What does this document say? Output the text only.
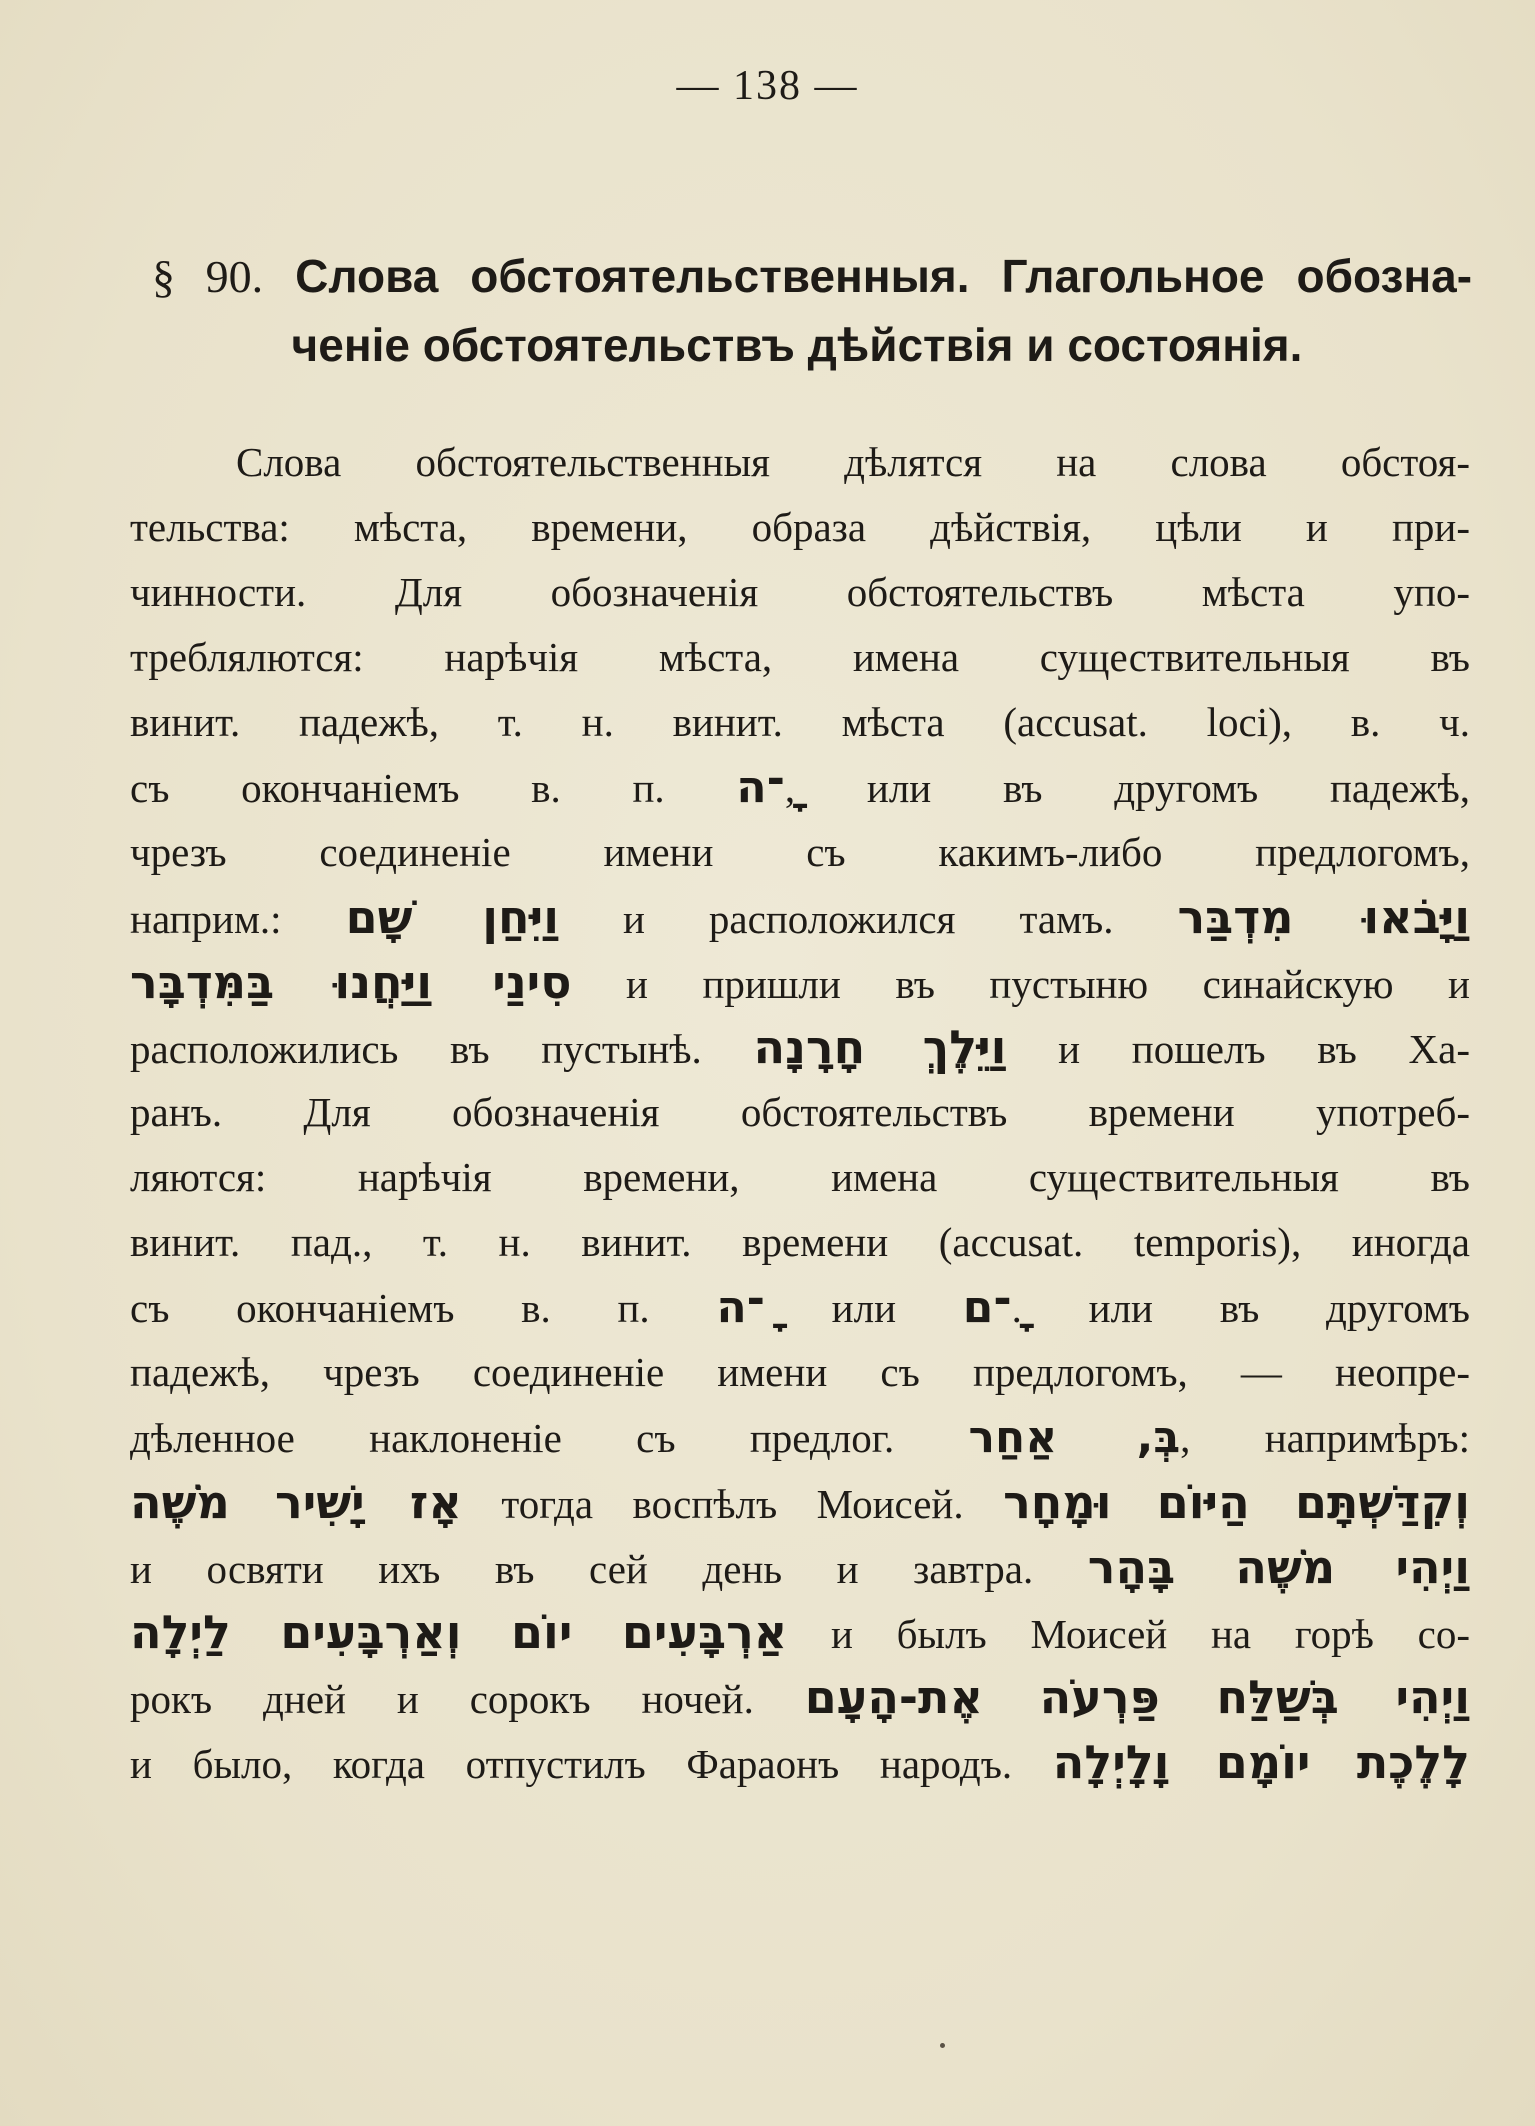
— 138 —
§ 90. Слова обстоятельственныя. Глагольное обозна-
ченіе обстоятельствъ дѣйствія и состоянія.
Слова обстоятельственныя дѣлятся на слова обстоя-
тельства: мѣста, времени, образа дѣйствія, цѣли и при-
чинности. Для обозначенія обстоятельствъ мѣста упо-
треблялются: нарѣчія мѣста, имена существительныя въ
винит. падежѣ, т. н. винит. мѣста (accusat. loci), в. ч.
съ окончаніемъ в. п. ָ־ה, или въ другомъ падежѣ,
чрезъ соединеніе имени съ какимъ-либо предлогомъ,
наприм.: וַיִּחַן שָׁם и расположился тамъ. וַיָּבֹאוּ מִדְבַּר
סִינַי וַיַּחֲנוּ בַּמִּדְבָּר и пришли въ пустыню синайскую и
расположились въ пустынѣ. וַיֵּלֶךְ חָרָנָה и пошелъ въ Ха-
ранъ. Для обозначенія обстоятельствъ времени употреб-
ляются: нарѣчія времени, имена существительныя въ
винит. пад., т. н. винит. времени (accusat. temporis), иногда
съ окончаніемъ в. п. ָ־ה или ָ־ם. или въ другомъ
падежѣ, чрезъ соединеніе имени съ предлогомъ, — неопре-
дѣленное наклоненіе съ предлог. בְּ, אַחַר, напримѣръ:
אָז יָשִׁיר מֹשֶׁה тогда воспѣлъ Моисей. וְקִדַּשְׁתָּם הַיּוֹם וּמָחָר
и освяти ихъ въ сей день и завтра. וַיְהִי מֹשֶׁה בָּהָר
אַרְבָּעִים יוֹם וְאַרְבָּעִים לַיְלָה и былъ Моисей на горѣ со-
рокъ дней и сорокъ ночей. וַיְהִי בְּשַׁלַּח פַּרְעֹה אֶת-הָעָם
и было, когда отпустилъ Фараонъ народъ. לָלֶכֶת יוֹמָם וָלָיְלָה
